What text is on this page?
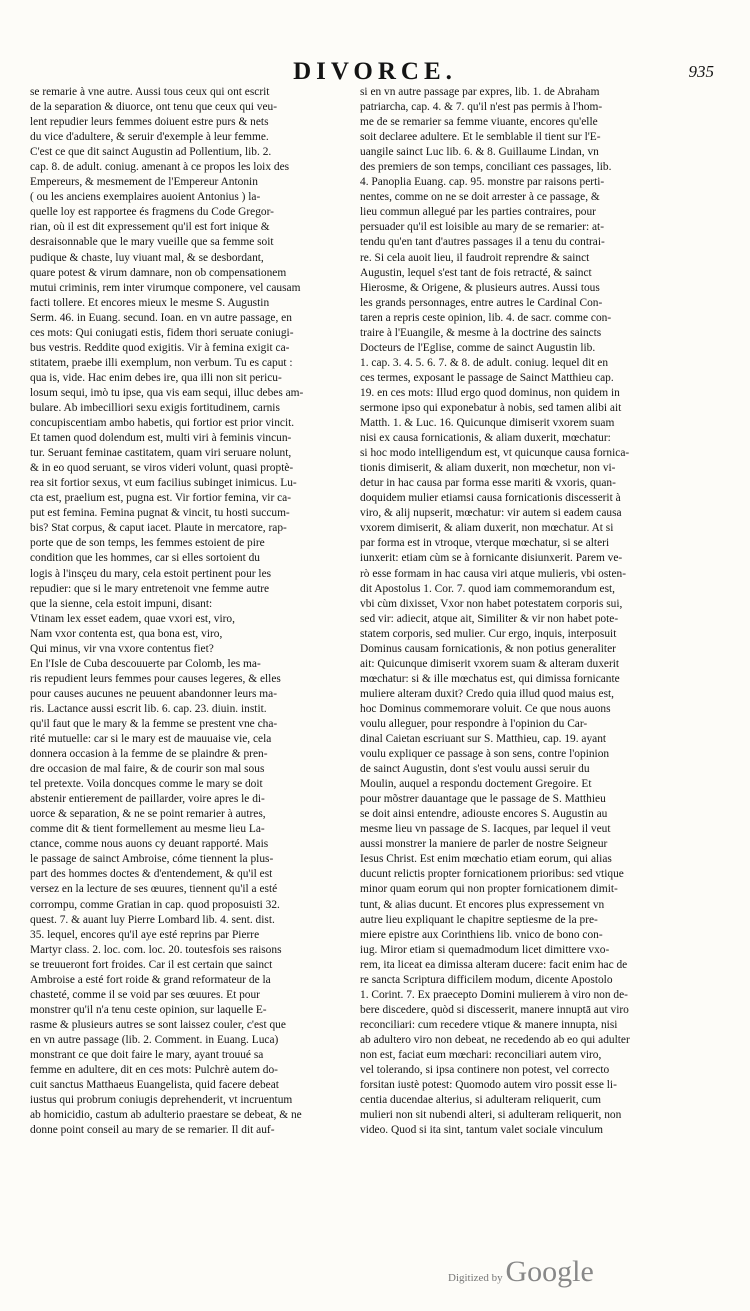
DIVORCE.	935
se remarie à vne autre. Aussi tous ceux qui ont escrit
de la separation & diuorce, ont tenu que ceux qui veu-
lent repudier leurs femmes doiuent estre purs & nets
du vice d'adultere, & seruir d'exemple à leur femme.
C'est ce que dit sainct Augustin ad Pollentium, lib. 2.
cap. 8. de adult. coniug. amenant à ce propos les loix des
Empereurs, & mesmement de l'Empereur Antonin
( ou les anciens exemplaires auoient Antonius ) la-
quelle loy est rapportee és fragmens du Code Gregor-
rian, où il est dit expressement qu'il est fort inique &
desraisonnable que le mary vueille que sa femme soit
pudique & chaste, luy viuant mal, & se desbordant,
quare potest & virum damnare, non ob compensationem
mutui criminis, rem inter virumque componere, vel causam
facti tollere. Et encores mieux le mesme S. Augustin
Serm. 46. in Euang. secund. Ioan. en vn autre passage, en
ces mots: Qui coniugati estis, fidem thori seruate coniugi-
bus vestris. Reddite quod exigitis. Vir à femina exigit ca-
stitatem, praebe illi exemplum, non verbum. Tu es caput :
qua is, vide. Hac enim debes ire, qua illi non sit pericu-
losum sequi, imò tu ipse, qua vis eam sequi, illuc debes am-
bulare. Ab imbecilliori sexu exigis fortitudinem, carnis
concupiscentiam ambo habetis, qui fortior est prior vincit.
Et tamen quod dolendum est, multi viri à feminis vincun-
tur. Seruant feminae castitatem, quam viri seruare nolunt,
& in eo quod seruant, se viros videri volunt, quasi proptè-
rea sit fortior sexus, vt eum facilius subinget inimicus. Lu-
cta est, praelium est, pugna est. Vir fortior femina, vir ca-
put est femina. Femina pugnat & vincit, tu hosti succum-
bis? Stat corpus, & caput iacet. Plaute in mercatore, rap-
porte que de son temps, les femmes estoient de pire
condition que les hommes, car si elles sortoient du
logis à l'insçeu du mary, cela estoit pertinent pour les
repudier: que si le mary entretenoit vne femme autre
que la sienne, cela estoit impuni, disant:
Vtinam lex esset eadem, quae vxori est, viro,
Nam vxor contenta est, qua bona est, viro,
Qui minus, vir vna vxore contentus fiet?
En l'Isle de Cuba descouuerte par Colomb, les ma-
ris repudient leurs femmes pour causes legeres, & elles
pour causes aucunes ne peuuent abandonner leurs ma-
ris. Lactance aussi escrit lib. 6. cap. 23. diuin. instit.
qu'il faut que le mary & la femme se prestent vne cha-
rité mutuelle: car si le mary est de mauuaise vie, cela
donnera occasion à la femme de se plaindre & pren-
dre occasion de mal faire, & de courir son mal sous
tel pretexte. Voila doncques comme le mary se doit
abstenir entierement de paillarder, voire apres le di-
uorce & separation, & ne se point remarier à autres,
comme dit & tient formellement au mesme lieu La-
ctance, comme nous auons cy deuant rapporté. Mais
le passage de sainct Ambroise, cóme tiennent la plus-
part des hommes doctes & d'entendement, & qu'il est
versez en la lecture de ses œuures, tiennent qu'il a esté
corrompu, comme Gratian in cap. quod proposuisti 32.
quest. 7. & auant luy Pierre Lombard lib. 4. sent. dist.
35. lequel, encores qu'il aye esté reprins par Pierre
Martyr class. 2. loc. com. loc. 20. toutesfois ses raisons
se treuueront fort froides. Car il est certain que sainct
Ambroise a esté fort roide & grand reformateur de la
chasteté, comme il se void par ses œuures. Et pour
monstrer qu'il n'a tenu ceste opinion, sur laquelle E-
rasme & plusieurs autres se sont laissez couler, c'est que
en vn autre passage (lib. 2. Comment. in Euang. Luca)
monstrant ce que doit faire le mary, ayant trouué sa
femme en adultere, dit en ces mots: Pulchrè autem do-
cuit sanctus Matthaeus Euangelista, quid facere debeat
iustus qui probrum coniugis deprehenderit, vt incruentum
ab homicidio, castum ab adulterio praestare se debeat, & ne
donne point conseil au mary de se remarier. Il dit auf-
si en vn autre passage par expres, lib. 1. de Abraham
patriarcha, cap. 4. & 7. qu'il n'est pas permis à l'hom-
me de se remarier sa femme viuante, encores qu'elle
soit declaree adultere. Et le semblable il tient sur l'E-
uangile sainct Luc lib. 6. & 8. Guillaume Lindan, vn
des premiers de son temps, conciliant ces passages, lib.
4. Panoplia Euang. cap. 95. monstre par raisons perti-
nentes, comme on ne se doit arrester à ce passage, &
lieu commun allegué par les parties contraires, pour
persuader qu'il est loisible au mary de se remarier: at-
tendu qu'en tant d'autres passages il a tenu du contrai-
re. Si cela auoit lieu, il faudroit reprendre & sainct
Augustin, lequel s'est tant de fois retracté, & sainct
Hierosme, & Origene, & plusieurs autres. Aussi tous
les grands personnages, entre autres le Cardinal Con-
taren a repris ceste opinion, lib. 4. de sacr. comme con-
traire à l'Euangile, & mesme à la doctrine des saincts
Docteurs de l'Eglise, comme de sainct Augustin lib.
1. cap. 3. 4. 5. 6. 7. & 8. de adult. coniug. lequel dit en
ces termes, exposant le passage de Sainct Matthieu cap.
19. en ces mots: Illud ergo quod dominus, non quidem in
sermone ipso qui exponebatur à nobis, sed tamen alibi ait
Matth. 1. & Luc. 16. Quicunque dimiserit vxorem suam
nisi ex causa fornicationis, & aliam duxerit, mœchatur:
si hoc modo intelligendum est, vt quicunque causa fornica-
tionis dimiserit, & aliam duxerit, non mœchetur, non vi-
detur in hac causa par forma esse mariti & vxoris, quan-
doquidem mulier etiamsi causa fornicationis discesserit à
viro, & alij nupserit, mœchatur: vir autem si eadem causa
vxorem dimiserit, & aliam duxerit, non mœchatur. At si
par forma est in vtroque, vterque mœchatur, si se alteri
iunxerit: etiam cùm se à fornicante disiunxerit. Parem ve-
rò esse formam in hac causa viri atque mulieris, vbi osten-
dit Apostolus 1. Cor. 7. quod iam commemorandum est,
vbi cùm dixisset, Vxor non habet potestatem corporis sui,
sed vir: adiecit, atque ait, Similiter & vir non habet pote-
statem corporis, sed mulier. Cur ergo, inquis, interposuit
Dominus causam fornicationis, & non potius generaliter
ait: Quicunque dimiserit vxorem suam & alteram duxerit
mœchatur: si & ille mœchatus est, qui dimissa fornicante
muliere alteram duxit? Credo quia illud quod maius est,
hoc Dominus commemorare voluit. Ce que nous auons
voulu alleguer, pour respondre à l'opinion du Car-
dinal Caietan escriuant sur S. Matthieu, cap. 19. ayant
voulu expliquer ce passage à son sens, contre l'opinion
de sainct Augustin, dont s'est voulu aussi seruir du
Moulin, auquel a respondu doctement Gregoire. Et
pour mõstrer dauantage que le passage de S. Matthieu
se doit ainsi entendre, adiouste encores S. Augustin au
mesme lieu vn passage de S. Iacques, par lequel il veut
aussi monstrer la maniere de parler de nostre Seigneur
Iesus Christ. Est enim mœchatio etiam eorum, qui alias
ducunt relictis propter fornicationem prioribus: sed vtique
minor quam eorum qui non propter fornicationem dimit-
tunt, & alias ducunt. Et encores plus expressement vn
autre lieu expliquant le chapitre septiesme de la pre-
miere epistre aux Corinthiens lib. vnico de bono con-
iug. Miror etiam si quemadmodum licet dimittere vxo-
rem, ita liceat ea dimissa alteram ducere: facit enim hac de
re sancta Scriptura difficilem modum, dicente Apostolo
1. Corint. 7. Ex praecepto Domini mulierem à viro non de-
bere discedere, quòd si discesserit, manere innuptā aut viro
reconciliari: cum recedere vtique & manere innupta, nisi
ab adultero viro non debeat, ne recedendo ab eo qui adulter
non est, faciat eum mœchari: reconciliari autem viro,
vel tolerando, si ipsa continere non potest, vel correcto
forsitan iustè potest: Quomodo autem viro possit esse li-
centia ducendae alterius, si adulteram reliquerit, cum
mulieri non sit nubendi alteri, si adulteram reliquerit, non
video. Quod si ita sint, tantum valet sociale vinculum
Digitized by Google
